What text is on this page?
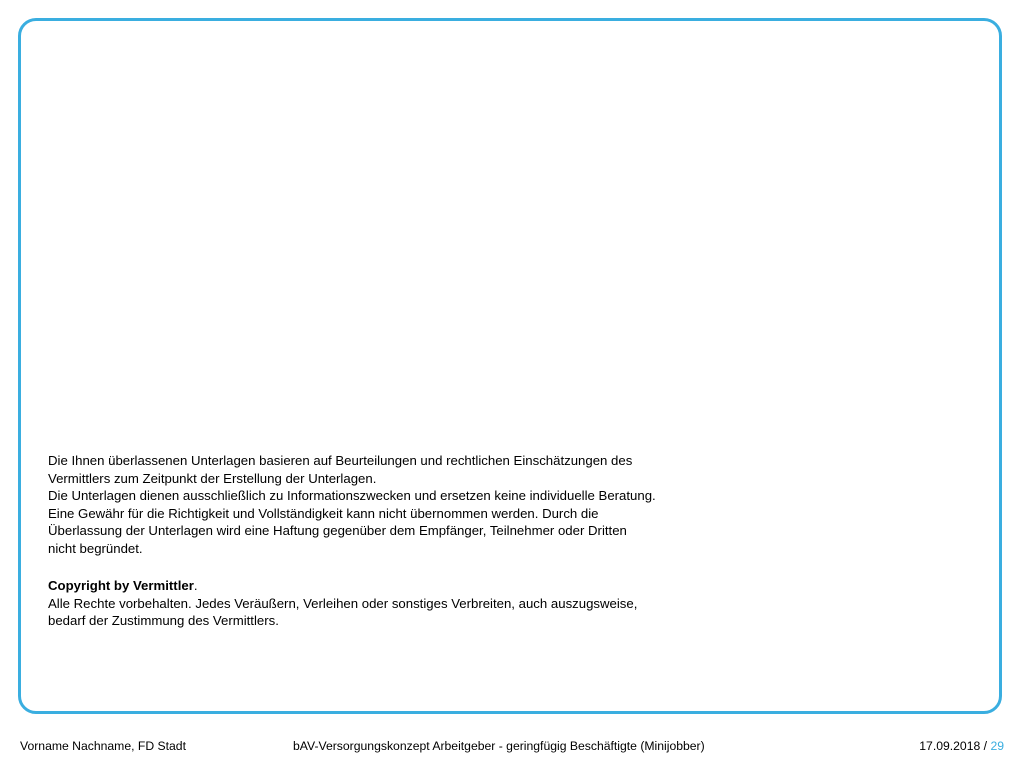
Die Ihnen überlassenen Unterlagen basieren auf Beurteilungen und rechtlichen Einschätzungen des

Vermittlers zum Zeitpunkt der Erstellung der Unterlagen.

Die Unterlagen dienen ausschließlich zu Informationszwecken und ersetzen keine individuelle Beratung.

Eine Gewähr für die Richtigkeit und Vollständigkeit kann nicht übernommen werden. Durch die

Überlassung der Unterlagen wird eine Haftung gegenüber dem Empfänger, Teilnehmer oder Dritten

nicht begründet.

Copyright by Vermittler.

Alle Rechte vorbehalten. Jedes Veräußern, Verleihen oder sonstiges Verbreiten, auch auszugsweise,

bedarf der Zustimmung des Vermittlers.

Vorname Nachname, FD Stadt	bAV-Versorgungskonzept Arbeitgeber - geringfügig Beschäftigte (Minijobber)	17.09.2018 / 29
